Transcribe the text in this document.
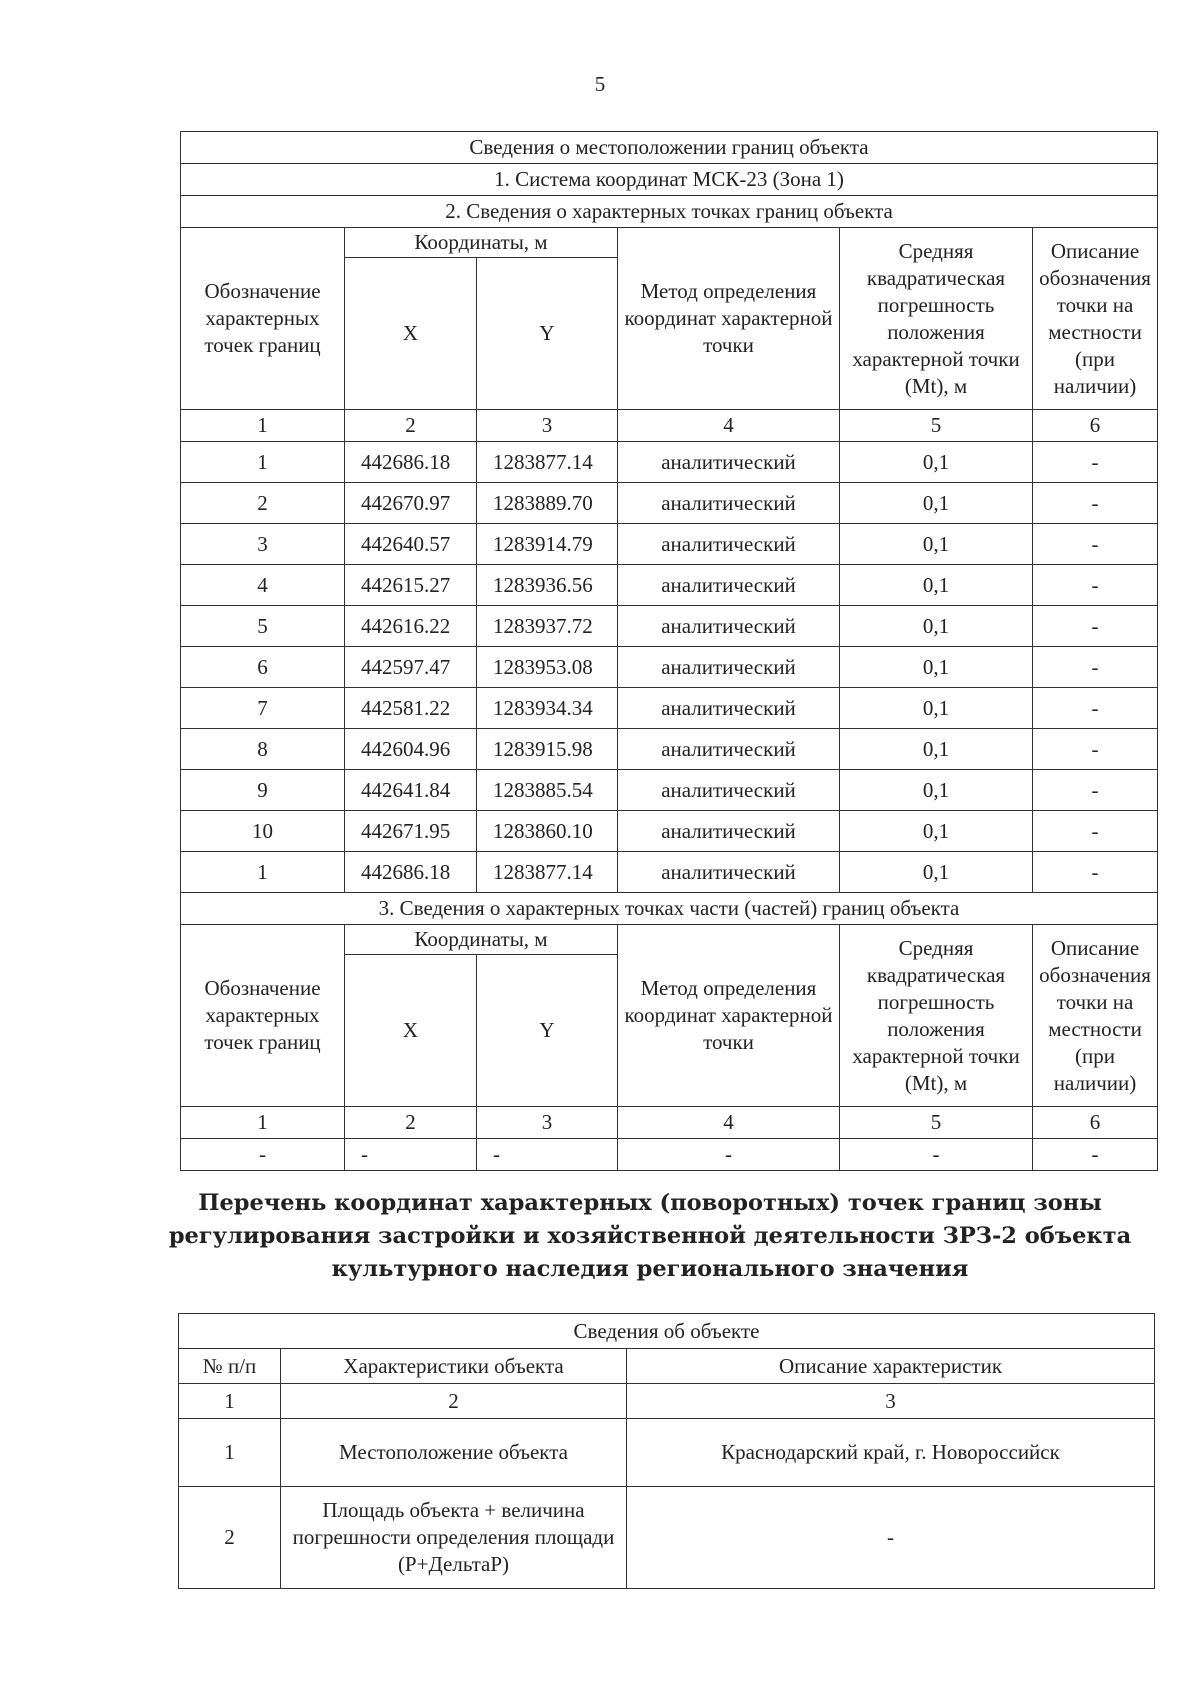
5
Сведения о местоположении границ объекта					
1. Система координат МСК-23 (Зона 1)					
2. Сведения о характерных точках границ объекта					
Обозначение характерных точек границ	Координаты, м		Метод определения координат характерной точки	Средняя квадратическая погрешность положения характерной точки (Mt), м	Описание обозначения точки на местности (при наличии)
	X	Y			
1	2	3	4	5	6
1	442686.18	1283877.14	аналитический	0,1	-
2	442670.97	1283889.70	аналитический	0,1	-
3	442640.57	1283914.79	аналитический	0,1	-
4	442615.27	1283936.56	аналитический	0,1	-
5	442616.22	1283937.72	аналитический	0,1	-
6	442597.47	1283953.08	аналитический	0,1	-
7	442581.22	1283934.34	аналитический	0,1	-
8	442604.96	1283915.98	аналитический	0,1	-
9	442641.84	1283885.54	аналитический	0,1	-
10	442671.95	1283860.10	аналитический	0,1	-
1	442686.18	1283877.14	аналитический	0,1	-
3. Сведения о характерных точках части (частей) границ объекта					
Обозначение характерных точек границ	Координаты, м		Метод определения координат характерной точки	Средняя квадратическая погрешность положения характерной точки (Mt), м	Описание обозначения точки на местности (при наличии)
	X	Y			
1	2	3	4	5	6
-	-	-	-	-	-
Перечень координат характерных (поворотных) точек границ зоны регулирования застройки и хозяйственной деятельности ЗРЗ-2 объекта культурного наследия регионального значения
Сведения об объекте		
№ п/п	Характеристики объекта	Описание характеристик
1	2	3
1	Местоположение объекта	Краснодарский край, г. Новороссийск
2	Площадь объекта + величина погрешности определения площади (Р+ДельтаР)	-
